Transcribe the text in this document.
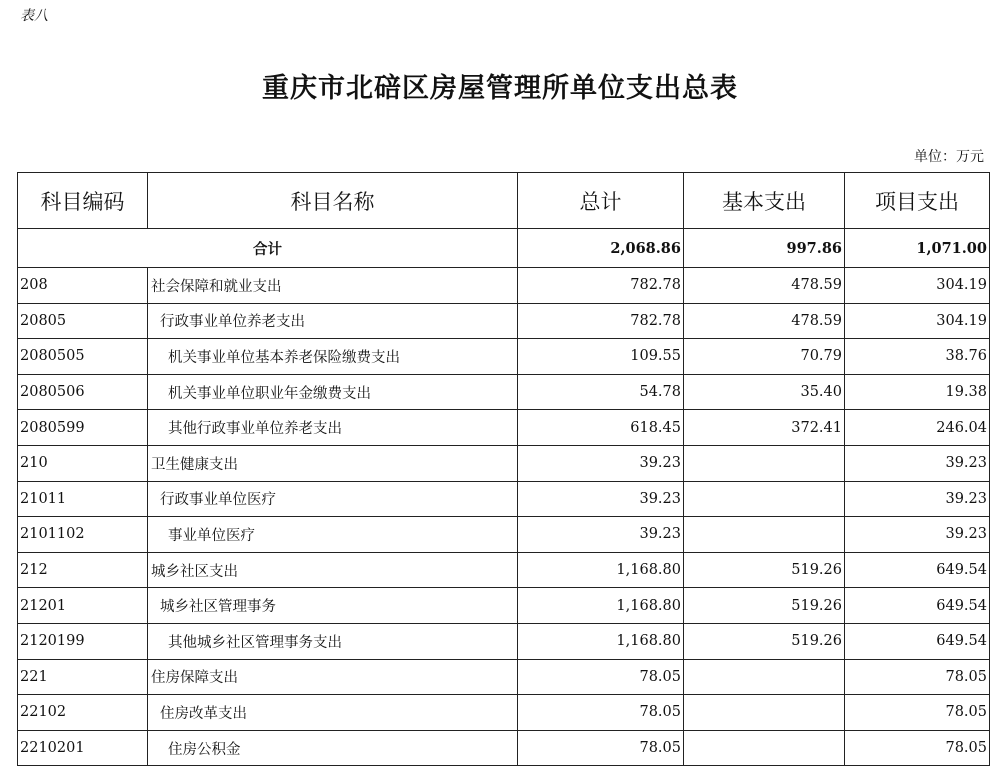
表八
重庆市北碚区房屋管理所单位支出总表
单位：万元
科目编码	科目名称	总计	基本支出	项目支出
合计		2,068.86	997.86	1,071.00
208	社会保障和就业支出	782.78	478.59	304.19
20805	行政事业单位养老支出	782.78	478.59	304.19
2080505	机关事业单位基本养老保险缴费支出	109.55	70.79	38.76
2080506	机关事业单位职业年金缴费支出	54.78	35.40	19.38
2080599	其他行政事业单位养老支出	618.45	372.41	246.04
210	卫生健康支出	39.23		39.23
21011	行政事业单位医疗	39.23		39.23
2101102	事业单位医疗	39.23		39.23
212	城乡社区支出	1,168.80	519.26	649.54
21201	城乡社区管理事务	1,168.80	519.26	649.54
2120199	其他城乡社区管理事务支出	1,168.80	519.26	649.54
221	住房保障支出	78.05		78.05
22102	住房改革支出	78.05		78.05
2210201	住房公积金	78.05		78.05
